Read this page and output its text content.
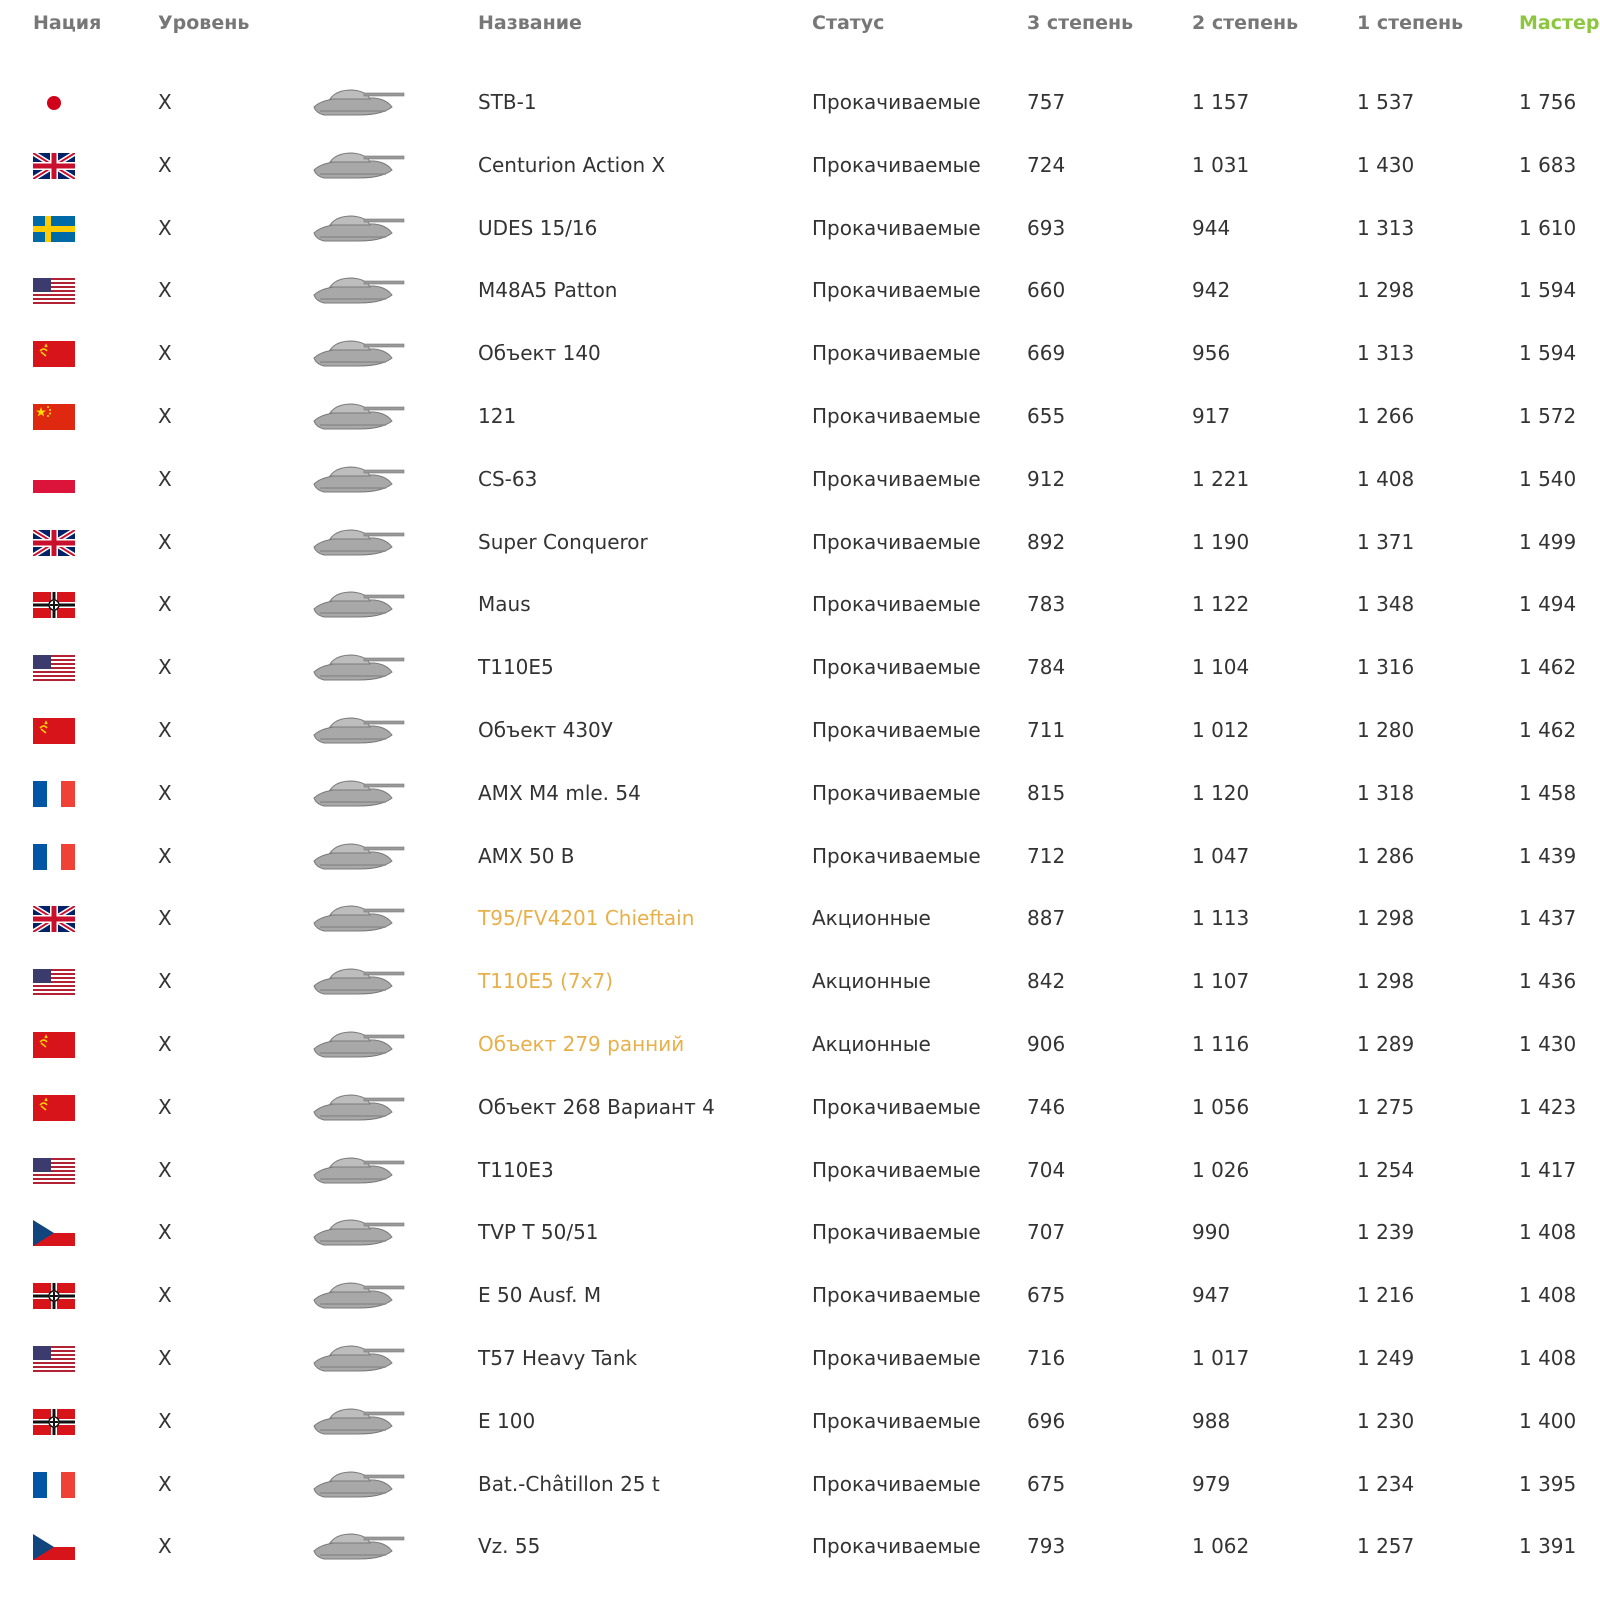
Нация	Уровень	Название	Статус	3 степень	2 степень	1 степень	Мастер
X	STB-1	Прокачиваемые 757	1 157	1 537	1 756
X	Centurion Action X	Прокачиваемые 724	1 031	1 430	1 683
X	UDES 15/16	Прокачиваемые 693	944	1 313	1 610
X	M48A5 Patton	Прокачиваемые 660	942	1 298	1 594
X	Объект 140	Прокачиваемые 669	956	1 313	1 594
X	121	Прокачиваемые 655	917	1 266	1 572
X	CS-63	Прокачиваемые 912	1 221	1 408	1 540
X	Super Conqueror	Прокачиваемые 892	1 190	1 371	1 499
X	Maus	Прокачиваемые 783	1 122	1 348	1 494
X	T110E5	Прокачиваемые 784	1 104	1 316	1 462
X	Объект 430У	Прокачиваемые 711	1 012	1 280	1 462
X	AMX M4 mle. 54	Прокачиваемые 815	1 120	1 318	1 458
X	AMX 50 B	Прокачиваемые 712	1 047	1 286	1 439
X	T95/FV4201 Chieftain	Акционные	887	1 113	1 298	1 437
X	T110E5 (7x7)	Акционные	842	1 107	1 298	1 436
X	Объект 279 ранний	Акционные	906	1 116	1 289	1 430
X	Объект 268 Вариант 4	Прокачиваемые 746	1 056	1 275	1 423
X	T110E3	Прокачиваемые 704	1 026	1 254	1 417
X	TVP T 50/51	Прокачиваемые 707	990	1 239	1 408
X	E 50 Ausf. M	Прокачиваемые 675	947	1 216	1 408
X	T57 Heavy Tank	Прокачиваемые 716	1 017	1 249	1 408
X	E 100	Прокачиваемые 696	988	1 230	1 400
X	Bat.-Châtillon 25 t	Прокачиваемые 675	979	1 234	1 395
X	Vz. 55	Прокачиваемые 793	1 062	1 257	1 391
